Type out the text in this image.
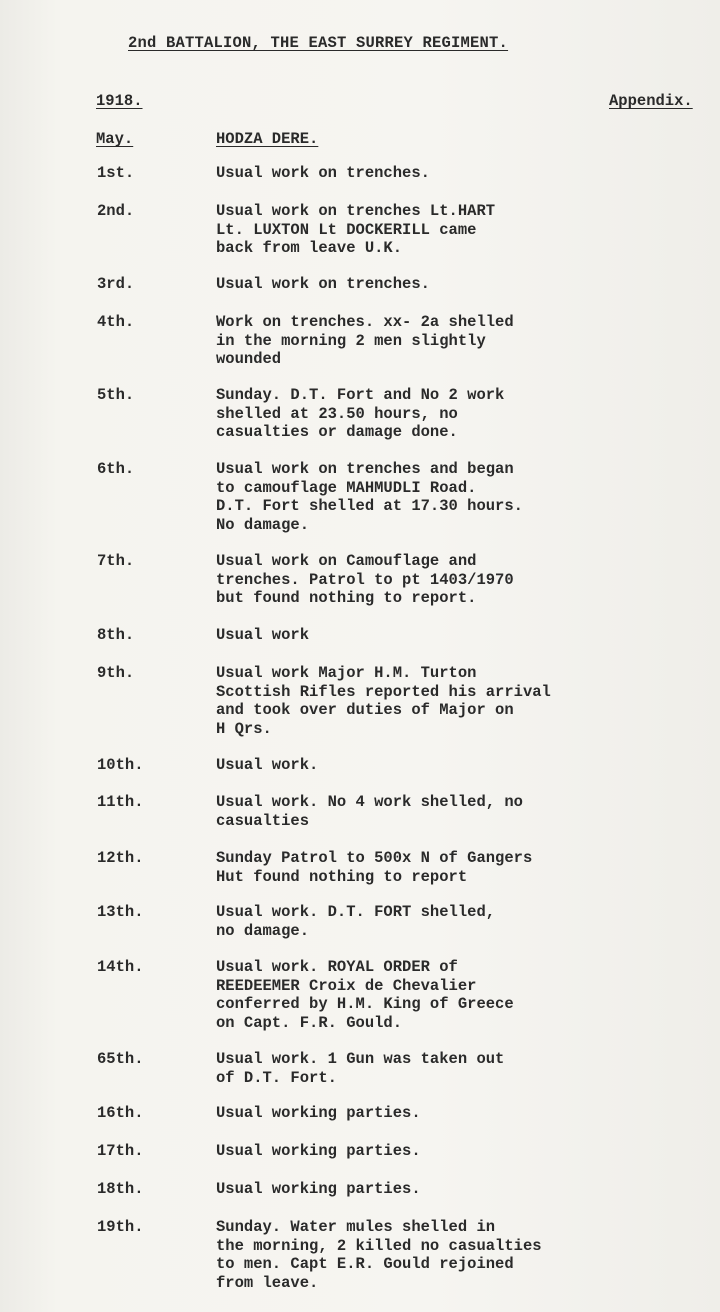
2nd BATTALION, THE EAST SURREY REGIMENT.
1918.	Appendix.
May.	HODZA DERE.
1st.	Usual work on trenches.
2nd.	Usual work on trenches Lt.HART
Lt. LUXTON Lt DOCKERILL came
back from leave U.K.
3rd.	Usual work on trenches.
4th.	Work on trenches. xx- 2a shelled
in the morning 2 men slightly
wounded
5th.	Sunday. D.T. Fort and No 2 work
shelled at 23.50 hours, no
casualties or damage done.
6th.	Usual work on trenches and began
to camouflage MAHMUDLI Road.
D.T. Fort shelled at 17.30 hours.
No damage.
7th.	Usual work on Camouflage and
trenches. Patrol to pt 1403/1970
but found nothing to report.
8th.	Usual work
9th.	Usual work Major H.M. Turton
Scottish Rifles reported his arrival
and took over duties of Major on
H Qrs.
10th.	Usual work.
11th.	Usual work. No 4 work shelled, no
casualties
12th.	Sunday Patrol to 500x N of Gangers
Hut found nothing to report
13th.	Usual work. D.T. FORT shelled,
no damage.
14th.	Usual work. ROYAL ORDER of
REEDEEMER Croix de Chevalier
conferred by H.M. King of Greece
on Capt. F.R. Gould.
65th.	Usual work. 1 Gun was taken out
of D.T. Fort.
16th.	Usual working parties.
17th.	Usual working parties.
18th.	Usual working parties.
19th.	Sunday. Water mules shelled in
the morning, 2 killed no casualties
to men. Capt E.R. Gould rejoined
from leave.
